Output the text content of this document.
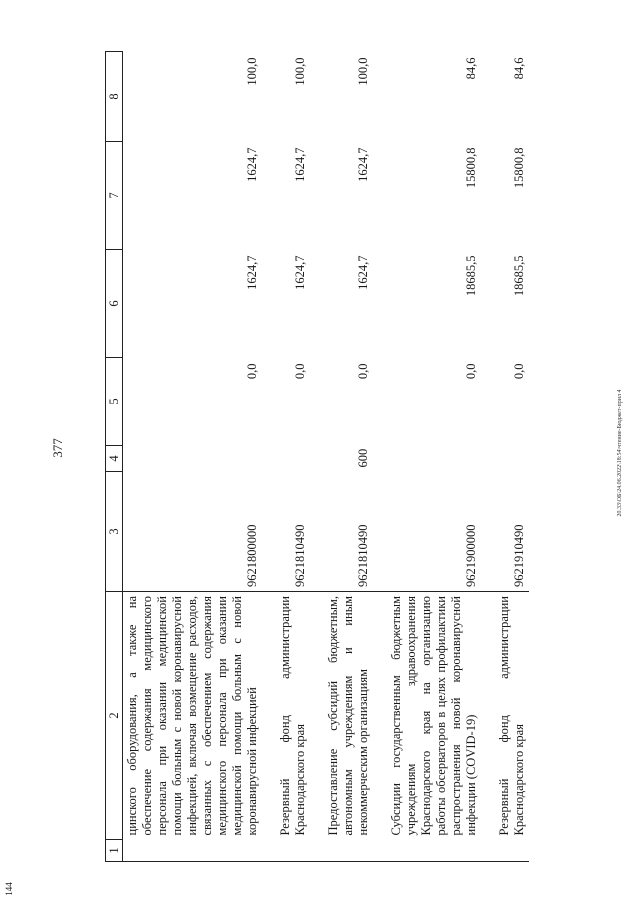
377	20.33\ОБ\24.06.2022\18:54\чтение-Бюджет-прил 4
144
1	2	3	4	5	6	7	8
	цинского оборудования, а также на обеспечение содержания медицинского персонала при оказании медицинской помощи больным с новой коронавирусной инфекцией, включая возмещение расходов, связанных с обеспечением содержания медицинского персонала при оказании медицинской помощи больным с новой коронавирусной инфекцией	9621800000		0,0	1624,7	1624,7	100,0

	Резервный фонд администрации Краснодарского края	9621810490		0,0	1624,7	1624,7	100,0

	Предоставление субсидий бюджетным, автономным учреждениям и иным некоммерческим организациям	9621810490	600	0,0	1624,7	1624,7	100,0

	Субсидии государственным бюджетным учреждениям здравоохранения Краснодарского края на организацию работы обсерваторов в целях профилактики распространения новой коронавирусной инфекции (COVID-19)	9621900000		0,0	18685,5	15800,8	84,6

	Резервный фонд администрации Краснодарского края	9621910490		0,0	18685,5	15800,8	84,6
